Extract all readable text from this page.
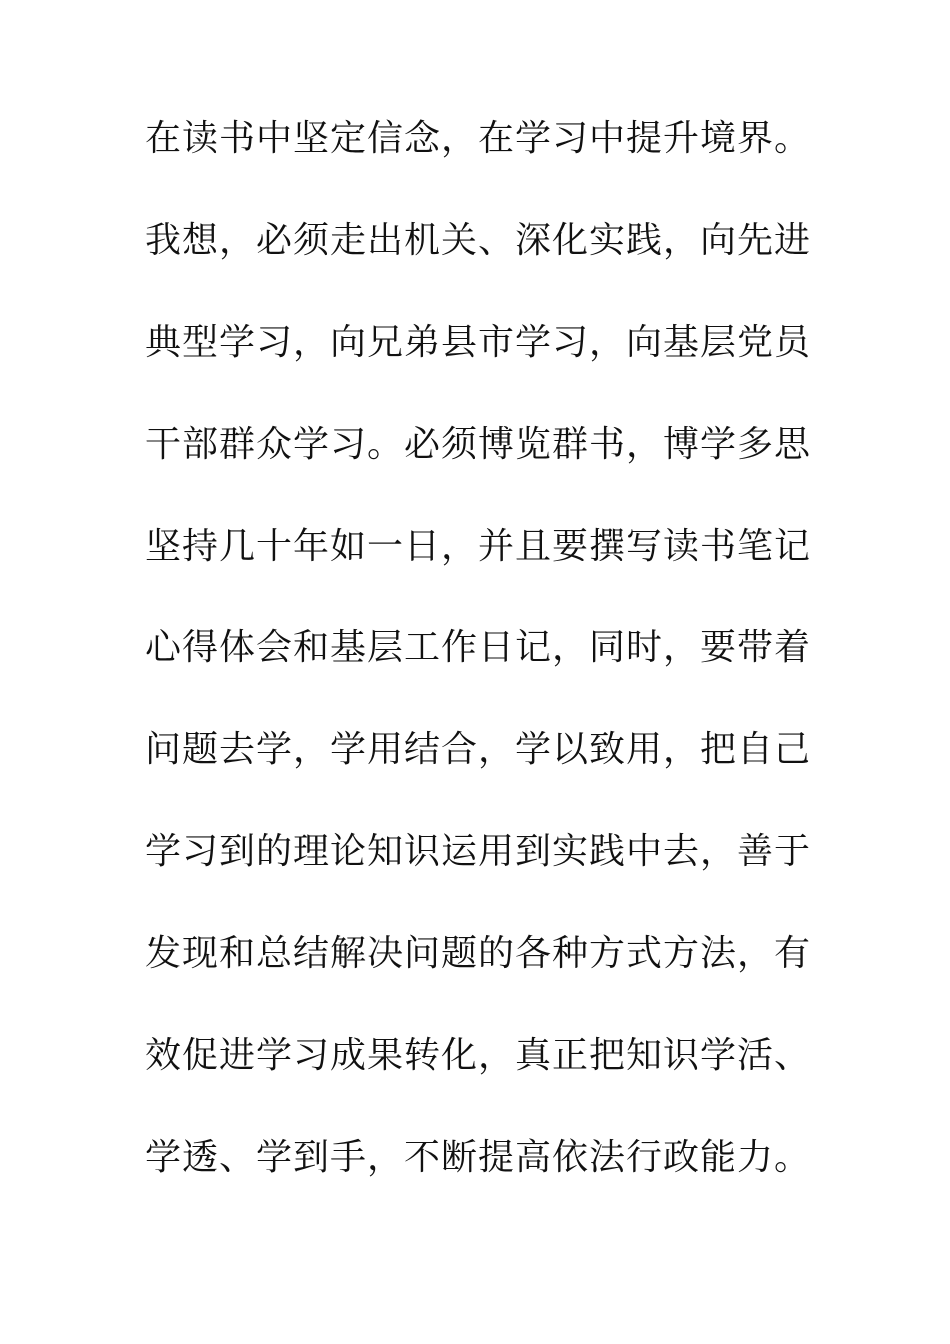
在读书中坚定信念，在学习中提升境界。
我想，必须走出机关、深化实践，向先进
典型学习，向兄弟县市学习，向基层党员
干部群众学习。必须博览群书，博学多思
坚持几十年如一日，并且要撰写读书笔记
心得体会和基层工作日记，同时，要带着
问题去学，学用结合，学以致用，把自己
学习到的理论知识运用到实践中去，善于
发现和总结解决问题的各种方式方法，有
效促进学习成果转化，真正把知识学活、
学透、学到手，不断提高依法行政能力。
